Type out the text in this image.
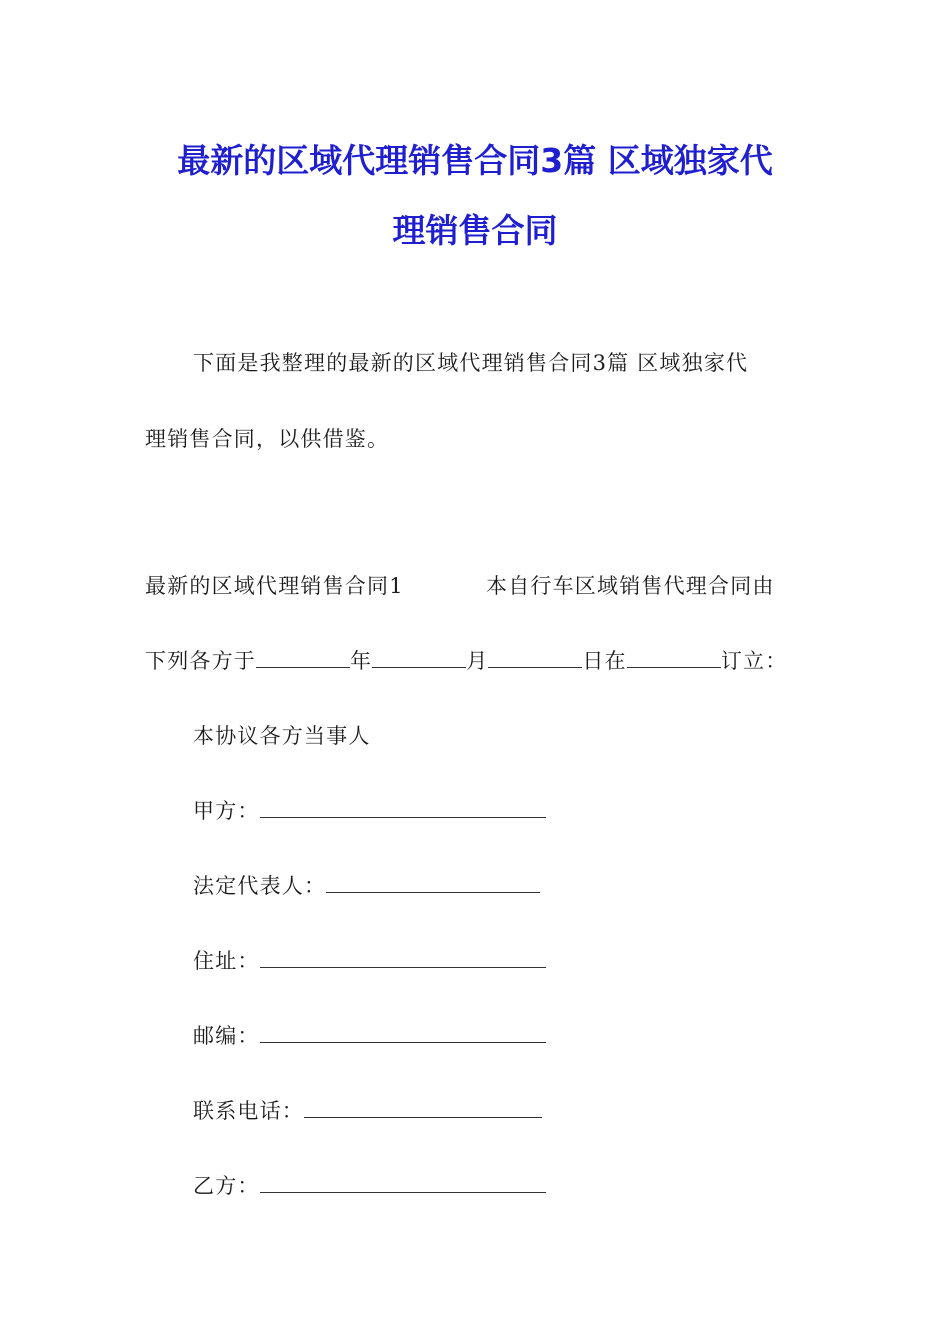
最新的区域代理销售合同3篇 区域独家代
理销售合同
下面是我整理的最新的区域代理销售合同3篇 区域独家代
理销售合同，以供借鉴。
最新的区域代理销售合同1	本自行车区域销售代理合同由
下列各方于	年	月	日在	订立：
本协议各方当事人
甲方：
法定代表人：
住址：
邮编：
联系电话：
乙方：
